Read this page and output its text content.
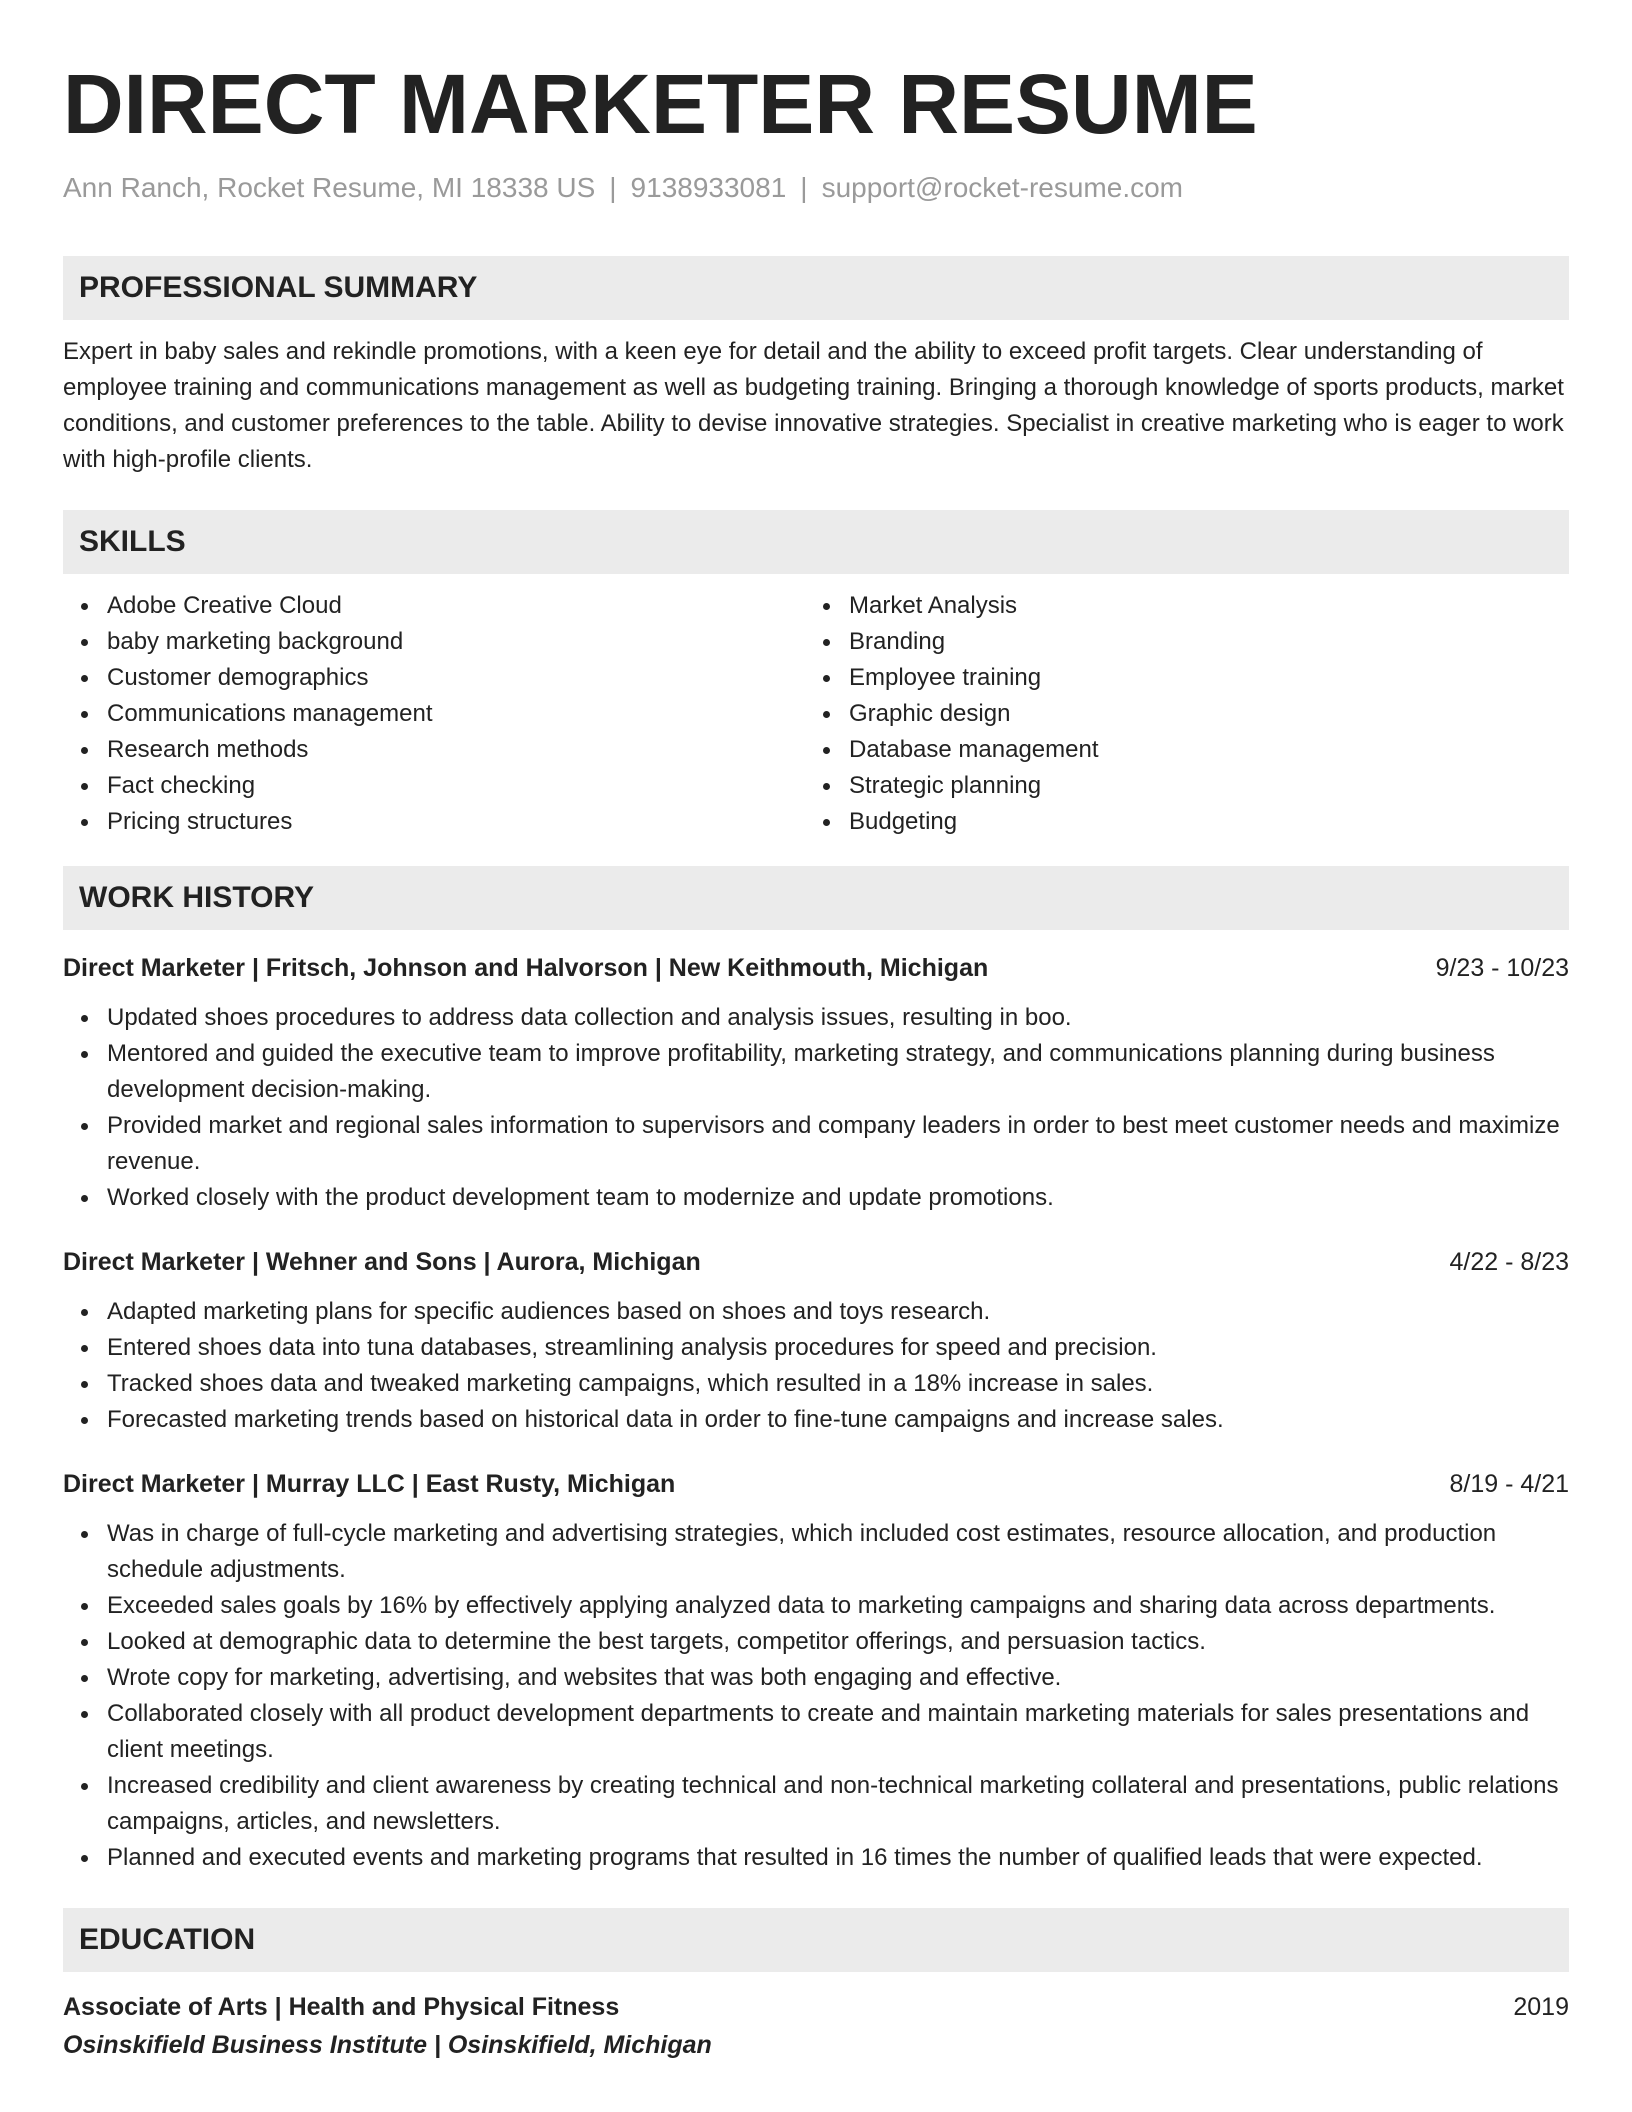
DIRECT MARKETER RESUME
Ann Ranch, Rocket Resume, MI 18338 US | 9138933081 | support@rocket-resume.com
PROFESSIONAL SUMMARY

Expert in baby sales and rekindle promotions, with a keen eye for detail and the ability to exceed profit targets. Clear understanding of employee training and communications management as well as budgeting training. Bringing a thorough knowledge of sports products, market conditions, and customer preferences to the table. Ability to devise innovative strategies. Specialist in creative marketing who is eager to work with high-profile clients.

SKILLS
Adobe Creative Cloud
baby marketing background
Customer demographics
Communications management
Research methods
Fact checking
Pricing structures
Market Analysis
Branding
Employee training
Graphic design
Database management
Strategic planning
Budgeting
WORK HISTORY
Direct Marketer | Fritsch, Johnson and Halvorson | New Keithmouth, Michigan	9/23 - 10/23
Updated shoes procedures to address data collection and analysis issues, resulting in boo.
Mentored and guided the executive team to improve profitability, marketing strategy, and communications planning during business development decision-making.
Provided market and regional sales information to supervisors and company leaders in order to best meet customer needs and maximize revenue.
Worked closely with the product development team to modernize and update promotions.
Direct Marketer | Wehner and Sons | Aurora, Michigan	4/22 - 8/23
Adapted marketing plans for specific audiences based on shoes and toys research.
Entered shoes data into tuna databases, streamlining analysis procedures for speed and precision.
Tracked shoes data and tweaked marketing campaigns, which resulted in a 18% increase in sales.
Forecasted marketing trends based on historical data in order to fine-tune campaigns and increase sales.
Direct Marketer | Murray LLC | East Rusty, Michigan	8/19 - 4/21
Was in charge of full-cycle marketing and advertising strategies, which included cost estimates, resource allocation, and production schedule adjustments.
Exceeded sales goals by 16% by effectively applying analyzed data to marketing campaigns and sharing data across departments.
Looked at demographic data to determine the best targets, competitor offerings, and persuasion tactics.
Wrote copy for marketing, advertising, and websites that was both engaging and effective.
Collaborated closely with all product development departments to create and maintain marketing materials for sales presentations and client meetings.
Increased credibility and client awareness by creating technical and non-technical marketing collateral and presentations, public relations campaigns, articles, and newsletters.
Planned and executed events and marketing programs that resulted in 16 times the number of qualified leads that were expected.
EDUCATION
Associate of Arts | Health and Physical Fitness	2019
Osinskifield Business Institute | Osinskifield, Michigan
